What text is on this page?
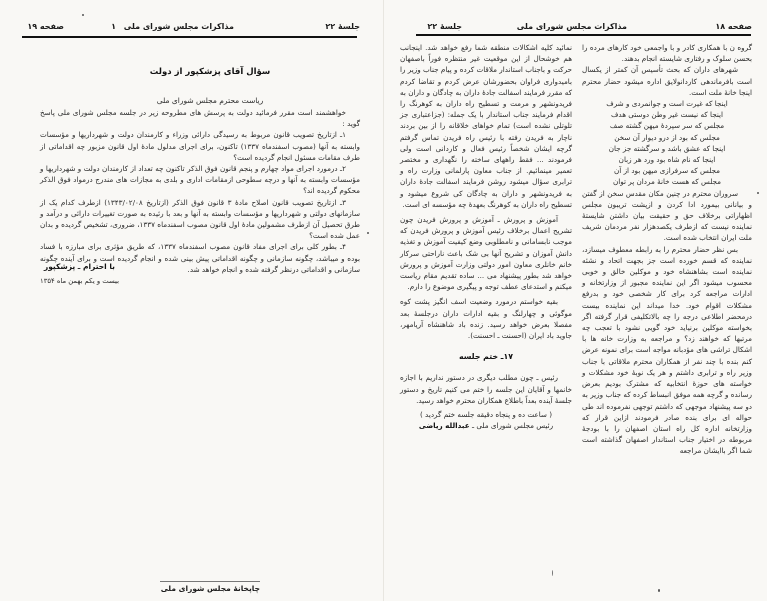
جلسهٔ ۲۲
مذاکرات مجلس شورای ملی
۱
صفحه ۱۹
سؤال آقای پزشکپور از دولت
ریاست محترم مجلس شورای ملی

خواهشمند است مقرر فرمائید دولت به پرسش های مطروحه زیر در جلسه مجلس شورای ملی پاسخ گوید :

۱ـ ازتاریخ تصویب قانون مربوط به رسیدگی دارائی وزراء و کارمندان دولت و شهرداریها و مؤسسات وابسته به آنها (مصوب اسفندماه ۱۳۳۷) تاکنون، برای اجرای مدلول مادهٔ اول قانون مزبور چه اقداماتی از طرف مقامات مسئول انجام گردیده است؟

۲ـ درمورد اجرای مواد چهارم و پنجم قانون فوق الذکر تاکنون چه تعداد از کارمندان دولت و شهرداریها و مؤسسات وابسته به آنها و درچه سطوحی ازمقامات اداری و بلدی به مجازات های مندرج درمواد فوق الذکر محکوم گردیده اند؟

۳ـ ازتاریخ تصویب قانون اصلاح مادهٔ ۳ قانون فوق الذکر (ازتاریخ ۱۳۴۳/۰۲/۰۸) ازطرف کدام یک از سازمانهای دولتی و شهرداریها و مؤسسات وابسته به آنها و بعد با رئیده به صورت تغییرات دارائی و درآمد و طرق تحصیل آن ازطرف مشمولین مادهٔ اول قانون مصوب اسفندماه ۱۳۳۷، ضروری، تشخیص گردیده و بدان عمل شده است؟

۴ـ بطور کلی برای اجرای مفاد قانون مصوب اسفندماه ۱۳۳۷، که طریق مؤثری برای مبارزه با فساد بوده و میباشد، چگونه سازمانی و چگونه اقداماتی پیش بینی شده و انجام گردیده است و برای آینده چگونه سازمانی و اقداماتی درنظر گرفته شده و انجام خواهد شد.

با احترام ـ پزشکپور
بیست و یکم بهمن ماه ۱۳۵۴
چاپخانهٔ مجلس شورای ملی
صفحه ۱۸
مذاکرات مجلس شورای ملی
جلسهٔ ۲۲

گروه ن با همکاری کادر و با واجمعی خود کارهای مرده را بحسن سلوک و رفتاری شایسته انجام بدهند.

شهرهای داران که بحث تأسیس آن کمتر از یکسال است بافرماندهی کاردانولایق اداره میشود حضار محترم اینجا خانهٔ ملت است.

اینجا که غیرت است و جوانمردی و شرف

اینجا که نیست غیر وطن دوستی هدف

مجلس که سر سپردهٔ میهن گشته صف

مجلس که بود از درو دیوار آن سخن

اینجا که عشق باشد و سرگشته جز جان

اینجا که نام شاه بود ورد هر زبان

مجلس که سرفرازی میهن بود از آن

مجلس که هست خانهٔ مردان پر توان

سروران محترم در چنین مکان مقدس سخن از گفتن و بیانانی بیمورد ادا کردن و ازپشت تریبون مجلس اظهاراتی برخلاف حق و حقیقت بیان داشتن شایستهٔ نماینده نیست که ازطرف یکصدهزار نفر مردمان شریف ملت ایران انتخاب شده است.

بس نظر حضار محترم را به رابطه معطوف میسازد، نماینده که قسم خورده است جز بجهت اتحاد و نشئه نماینده است بشاهنشاه خود و موکلین خالق و خوبی محسوب میشود اگر این نماینده مجبور از وزارتخانه و ادارات مراجعه کرد برای کار شخصی خود و بدرفع مشکلات اقوام خود. خدا میداند این نماینده بیست درمحضر اطلاعی درجه را چه بالاتکلیفی قرار گرفته اگر بخواسته موکلین برنیاید خود گویی نشود با تعجب چه مرتبها که خواهند زد؟ و مراجعه به وزارت خانه ها با اشکال تراشی های مؤدبانه مواجه است برای نمونه عرض کنم بنده با چند نفر از همکاران محترم ملاقاتی با جناب وزیر راه و ترابری داشتم و هر یک نوبهٔ خود مشکلات و خواسته های حوزهٔ انتخابیه که مشترک بودیم بعرض رسانده و گرچه همه موفق انبساط کرده که جناب وزیر به دو سه پیشنهاد موجهی که داشتم توجهی نفرموده اند طی حواله ای برای بنده صادر فرمودند ازاین قرار که وزارتخانه اداره کل راه استان اصفهان را با بودجهٔ مربوطه در اختیار جناب استاندار اصفهان گذاشته است شما اگر باایشان مراجعه

نمائید کلیه اشکالات منطقه شما رفع خواهد شد. اینجانب هم خوشحال از این موقعیت غیر منتظره فوراً باصفهان حرکت و باجناب استاندار ملاقات کرده و پیام جناب وزیر را بامیدواری فراوان بحضورشان عرض کردم و تقاضا کردم که مقرر فرمایند اسفالت جادهٔ داران به چادگان و داران به فریدونشهر و مرمت و تسطیح راه داران به کوهرنگ را اقدام فرمایند جناب استاندار با یک جمله: (جزاعتباری جز تلوتلی نشده است) تمام خواهای خلاقانه را از بین بردند ناچار به فریدن رفته با رئیس راه فریدن تماس گرفتم گرچه ایشان شخصاً رئیس فعال و کاردانی است ولی فرمودند ... فقط راههای ساخته را نگهداری و مختصر تعمیر مینمائیم. از جناب معاون پارلمانی وزارت راه و ترابری سؤال میشود روشن فرمایند اسفالت جادهٔ داران به فریدونشهر و داران به چادگان کی شروع میشود و تسطیح راه داران به کوهرنگ بعهدهٔ چه مؤسسه ای است.

آموزش و پرورش ـ آموزش و پرورش فریدن چون تشریح اعمال برخلاف رئیس آموزش و پرورش فریدن که موجب نابسامانی و نامطلوبی وضع کیفیت آموزش و تغذیه دانش آموزان و تشریح آنها بی شک باعث ناراحتی سرکار خانم خانلری معاون امور دولتی وزارت آموزش و پرورش خواهد شد بطور پیشنهاد می ... ساده تقدیم مقام ریاست میکنم و استدعای عطف توجه و پیگیری موضوع را دارم.

بقیه خواستم درمورد وضعیت اسف انگیز پشت کوه موگوئی و چهارلنگ و بقیه ادارات داران درجلسهٔ بعد مفصلا بعرض خواهد رسید. زنده باد شاهنشاه آریامهر، جاوید باد ایران (احسنت ـ احسنت).

۱۷ـ ختم جلسه

رئیس ـ چون مطلب دیگری در دستور نداریم با اجازه خانمها و آقایان این جلسه را ختم می کنیم تاریخ و دستور جلسهٔ آینده بعداً باطلاع همکاران محترم خواهد رسید.

( ساعت ده و پنجاه دقیقه جلسه ختم گردید )

رئیس مجلس شورای ملی ـ عبدالله ریاضی
